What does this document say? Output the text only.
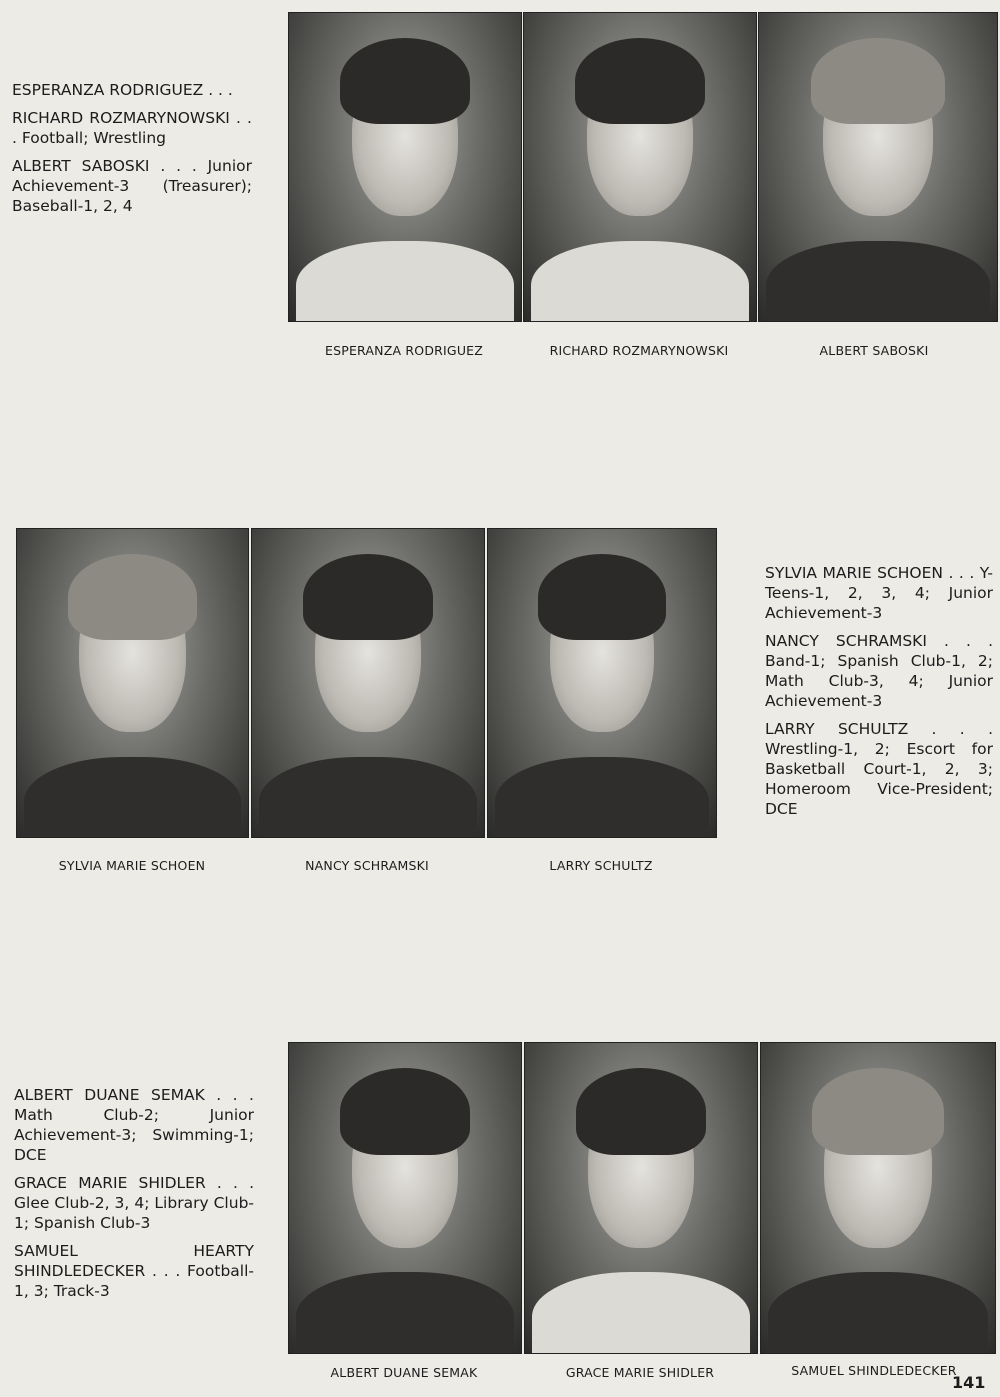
ESPERANZA RODRIGUEZ . . .

RICHARD ROZMARYNOWSKI . . . Football; Wrestling

ALBERT SABOSKI . . . Junior Achievement-3 (Treasurer); Baseball-1, 2, 4

ESPERANZA RODRIGUEZ	RICHARD ROZMARYNOWSKI	ALBERT SABOSKI

SYLVIA MARIE SCHOEN . . . Y-Teens-1, 2, 3, 4; Junior Achievement-3

NANCY SCHRAMSKI . . . Band-1; Spanish Club-1, 2; Math Club-3, 4; Junior Achievement-3

LARRY SCHULTZ . . . Wrestling-1, 2; Escort for Basketball Court-1, 2, 3; Homeroom Vice-President; DCE

SYLVIA MARIE SCHOEN	NANCY SCHRAMSKI	LARRY SCHULTZ

ALBERT DUANE SEMAK . . . Math Club-2; Junior Achievement-3; Swimming-1; DCE

GRACE MARIE SHIDLER . . . Glee Club-2, 3, 4; Library Club-1; Spanish Club-3

SAMUEL HEARTY SHINDLEDECKER . . . Football-1, 3; Track-3

ALBERT DUANE SEMAK	GRACE MARIE SHIDLER	SAMUEL SHINDLEDECKER
141
